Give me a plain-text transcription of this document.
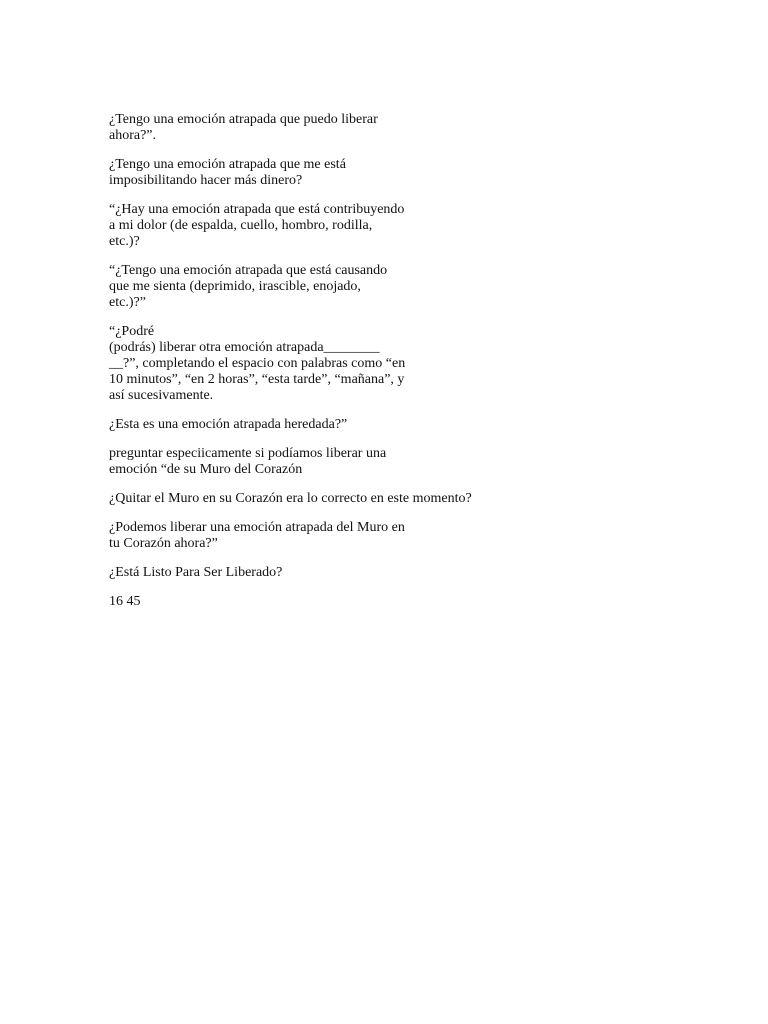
¿Tengo una emoción atrapada que puedo liberar
ahora?”.

¿Tengo una emoción atrapada que me está
imposibilitando hacer más dinero?

“¿Hay una emoción atrapada que está contribuyendo
a mi dolor (de espalda, cuello, hombro, rodilla,
etc.)?

“¿Tengo una emoción atrapada que está causando
que me sienta (deprimido, irascible, enojado,
etc.)?”

“¿Podré
(podrás) liberar otra emoción atrapada________
__?”, completando el espacio con palabras como “en
10 minutos”, “en 2 horas”, “esta tarde”, “mañana”, y
así sucesivamente.

¿Esta es una emoción atrapada heredada?”

preguntar especiicamente si podíamos liberar una
emoción “de su Muro del Corazón

¿Quitar el Muro en su Corazón era lo correcto en este momento?

¿Podemos liberar una emoción atrapada del Muro en
tu Corazón ahora?”

¿Está Listo Para Ser Liberado?

16 45
